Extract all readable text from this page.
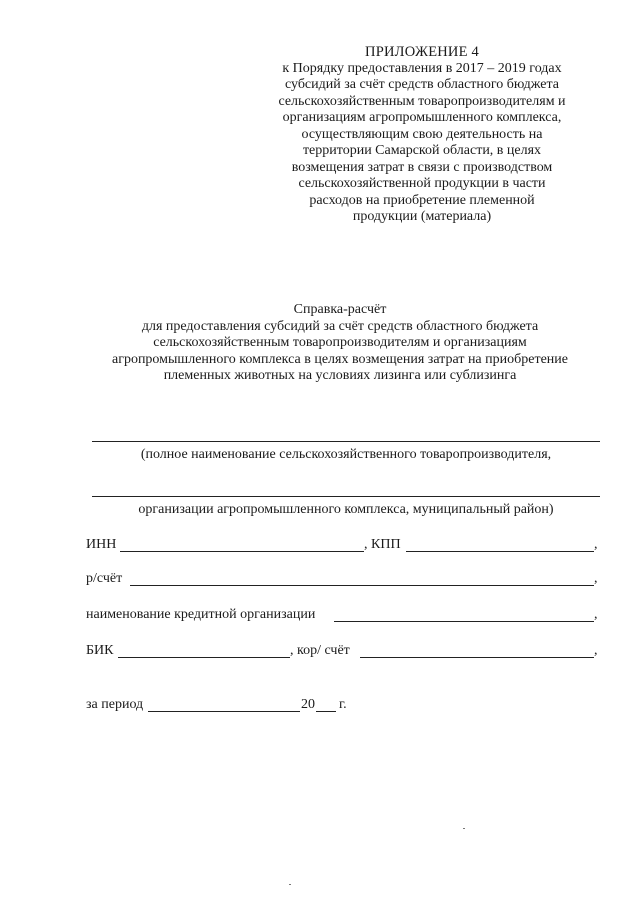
ПРИЛОЖЕНИЕ 4
к Порядку предоставления в 2017 – 2019 годах
субсидий за счёт средств областного бюджета
сельскохозяйственным товаропроизводителям и
организациям агропромышленного комплекса,
осуществляющим свою деятельность на
территории Самарской области, в целях
возмещения затрат в связи с производством
сельскохозяйственной продукции в части
расходов на приобретение племенной
продукции (материала)
Справка-расчёт
для предоставления субсидий за счёт средств областного бюджета
сельскохозяйственным товаропроизводителям и организациям
агропромышленного комплекса в целях возмещения затрат на приобретение
племенных животных на условиях лизинга или сублизинга
(полное наименование сельскохозяйственного товаропроизводителя,
организации агропромышленного комплекса, муниципальный район)
ИНН	, КПП	,
р/счёт	,
наименование кредитной организации	,
БИК	, кор/ счёт	,
за период	20 г.
